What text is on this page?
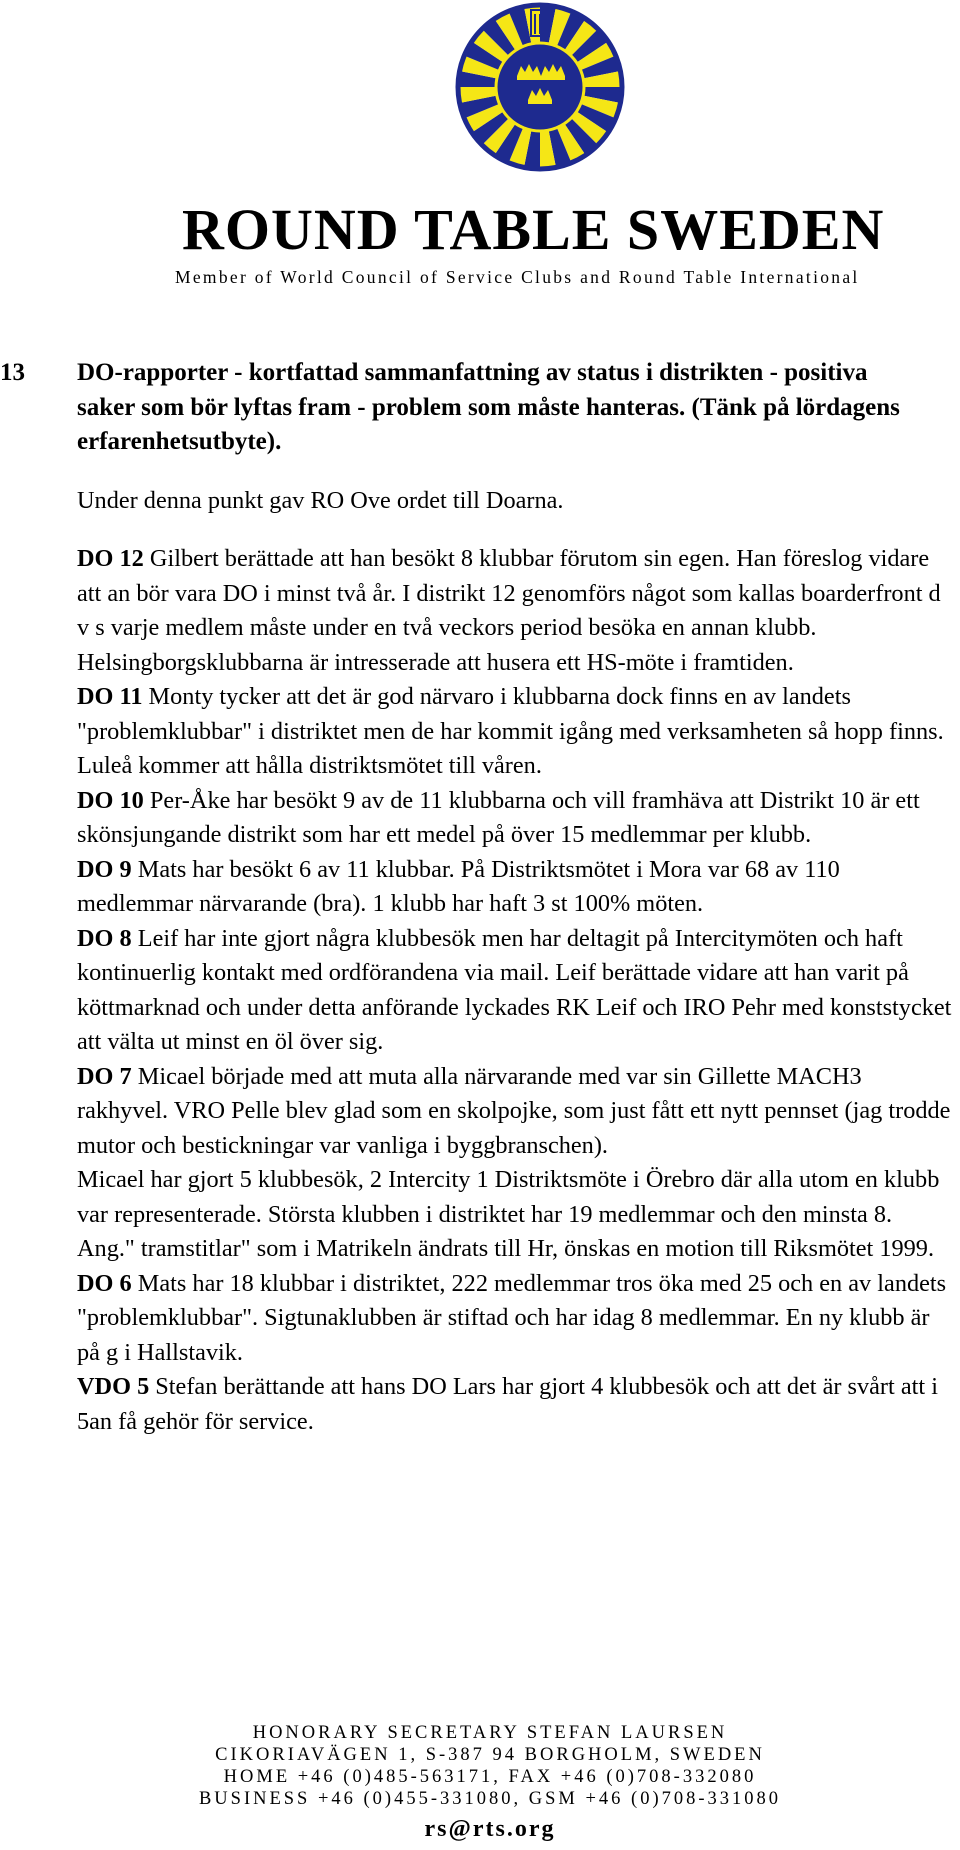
ROUND TABLE SWEDEN
Member of World Council of Service Clubs and Round Table International
13 DO-rapporter - kortfattad sammanfattning av status i distrikten - positiva saker som bör lyftas fram - problem som måste hanteras. (Tänk på lördagens erfarenhetsutbyte).

Under denna punkt gav RO Ove ordet till Doarna.

DO 12 Gilbert berättade att han besökt 8 klubbar förutom sin egen. Han föreslog vidare att an bör vara DO i minst två år. I distrikt 12 genomförs något som kallas boarderfront d v s varje medlem måste under en två veckors period besöka en annan klubb. Helsingborgsklubbarna är intresserade att husera ett HS-möte i framtiden.

DO 11 Monty tycker att det är god närvaro i klubbarna dock finns en av landets "problemklubbar" i distriktet men de har kommit igång med verksamheten så hopp finns. Luleå kommer att hålla distriktsmötet till våren.

DO 10 Per-Åke har besökt 9 av de 11 klubbarna och vill framhäva att Distrikt 10 är ett skönsjungande distrikt som har ett medel på över 15 medlemmar per klubb.

DO 9 Mats har besökt 6 av 11 klubbar. På Distriktsmötet i Mora var 68 av 110 medlemmar närvarande (bra). 1 klubb har haft 3 st 100% möten.

DO 8 Leif har inte gjort några klubbesök men har deltagit på Intercitymöten och haft kontinuerlig kontakt med ordförandena via mail. Leif berättade vidare att han varit på köttmarknad och under detta anförande lyckades RK Leif och IRO Pehr med konststycket att välta ut minst en öl över sig.

DO 7 Micael började med att muta alla närvarande med var sin Gillette MACH3 rakhyvel. VRO Pelle blev glad som en skolpojke, som just fått ett nytt pennset (jag trodde mutor och bestickningar var vanliga i byggbranschen).

Micael har gjort 5 klubbesök, 2 Intercity 1 Distriktsmöte i Örebro där alla utom en klubb var representerade. Största klubben i distriktet har 19 medlemmar och den minsta 8.

Ang." tramstitlar" som i Matrikeln ändrats till Hr, önskas en motion till Riksmötet 1999.

DO 6 Mats har 18 klubbar i distriktet, 222 medlemmar tros öka med 25 och en av landets "problemklubbar". Sigtunaklubben är stiftad och har idag 8 medlemmar. En ny klubb är på g i Hallstavik.

VDO 5 Stefan berättande att hans DO Lars har gjort 4 klubbesök och att det är svårt att i 5an få gehör för service.

HONORARY SECRETARY STEFAN LAURSEN

CIKORIAVÄGEN 1, S-387 94 BORGHOLM, SWEDEN

HOME +46 (0)485-563171, FAX +46 (0)708-332080

BUSINESS +46 (0)455-331080, GSM +46 (0)708-331080

rs@rts.org
